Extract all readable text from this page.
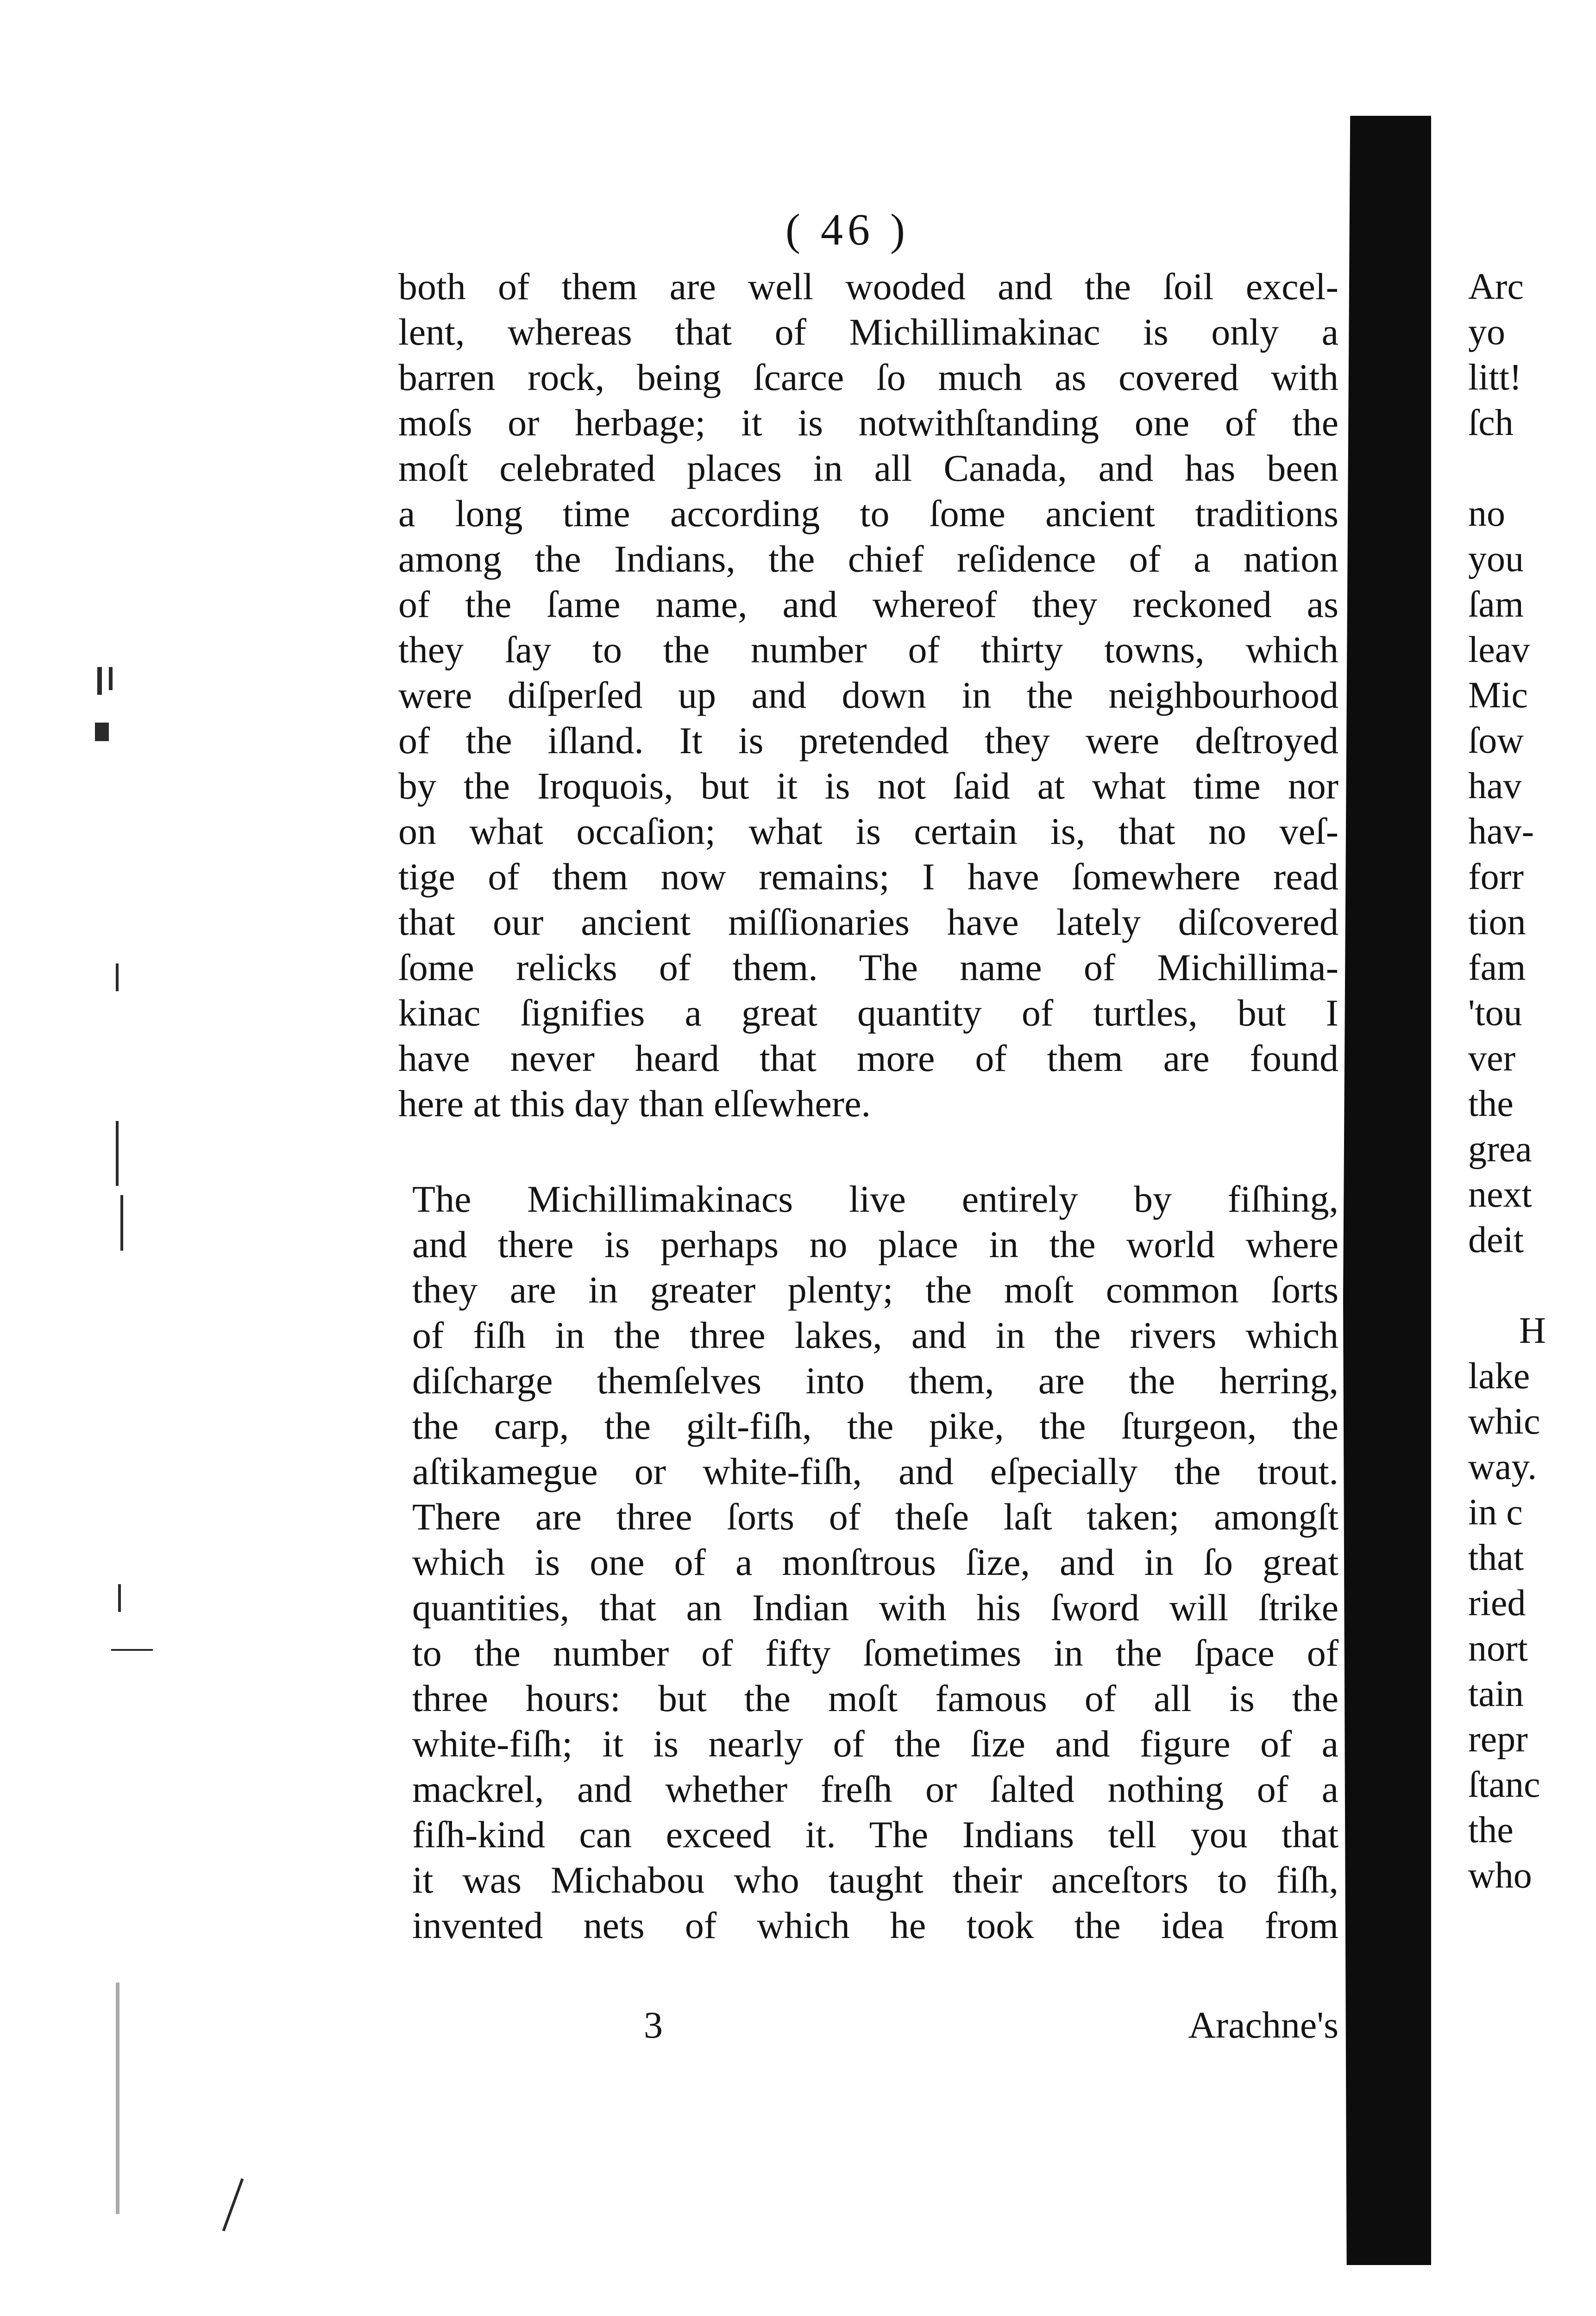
( 46 )
both of them are well wooded and the ſoil excel-
lent, whereas that of Michillimakinac is only a
barren rock, being ſcarce ſo much as covered with
moſs or herbage; it is notwithſtanding one of the
moſt celebrated places in all Canada, and has been
a long time according to ſome ancient traditions
among the Indians, the chief reſidence of a nation
of the ſame name, and whereof they reckoned as
they ſay to the number of thirty towns, which
were diſperſed up and down in the neighbourhood
of the iſland. It is pretended they were deſtroyed
by the Iroquois, but it is not ſaid at what time nor
on what occaſion; what is certain is, that no veſ-
tige of them now remains; I have ſomewhere read
that our ancient miſſionaries have lately diſcovered
ſome relicks of them. The name of Michillima-
kinac ſignifies a great quantity of turtles, but I
have never heard that more of them are found
here at this day than elſewhere.
The Michillimakinacs live entirely by fiſhing,
and there is perhaps no place in the world where
they are in greater plenty; the moſt common ſorts
of fiſh in the three lakes, and in the rivers which
diſcharge themſelves into them, are the herring,
the carp, the gilt-fiſh, the pike, the ſturgeon, the
aſtikamegue or white-fiſh, and eſpecially the trout.
There are three ſorts of theſe laſt taken; amongſt
which is one of a monſtrous ſize, and in ſo great
quantities, that an Indian with his ſword will ſtrike
to the number of fifty ſometimes in the ſpace of
three hours: but the moſt famous of all is the
white-fiſh; it is nearly of the ſize and figure of a
mackrel, and whether freſh or ſalted nothing of a
fiſh-kind can exceed it. The Indians tell you that
it was Michabou who taught their anceſtors to fiſh,
invented nets of which he took the idea from
3	Arachne's
Arc
yo
litt!
ſch
no
you
ſam
leav
Mic
ſow
hav
hav-
forr
tion
fam
'tou
ver
the
grea
next
deit
H
lake
whic
way.
in c
that
ried
nort
tain
repr
ſtanc
the
who
